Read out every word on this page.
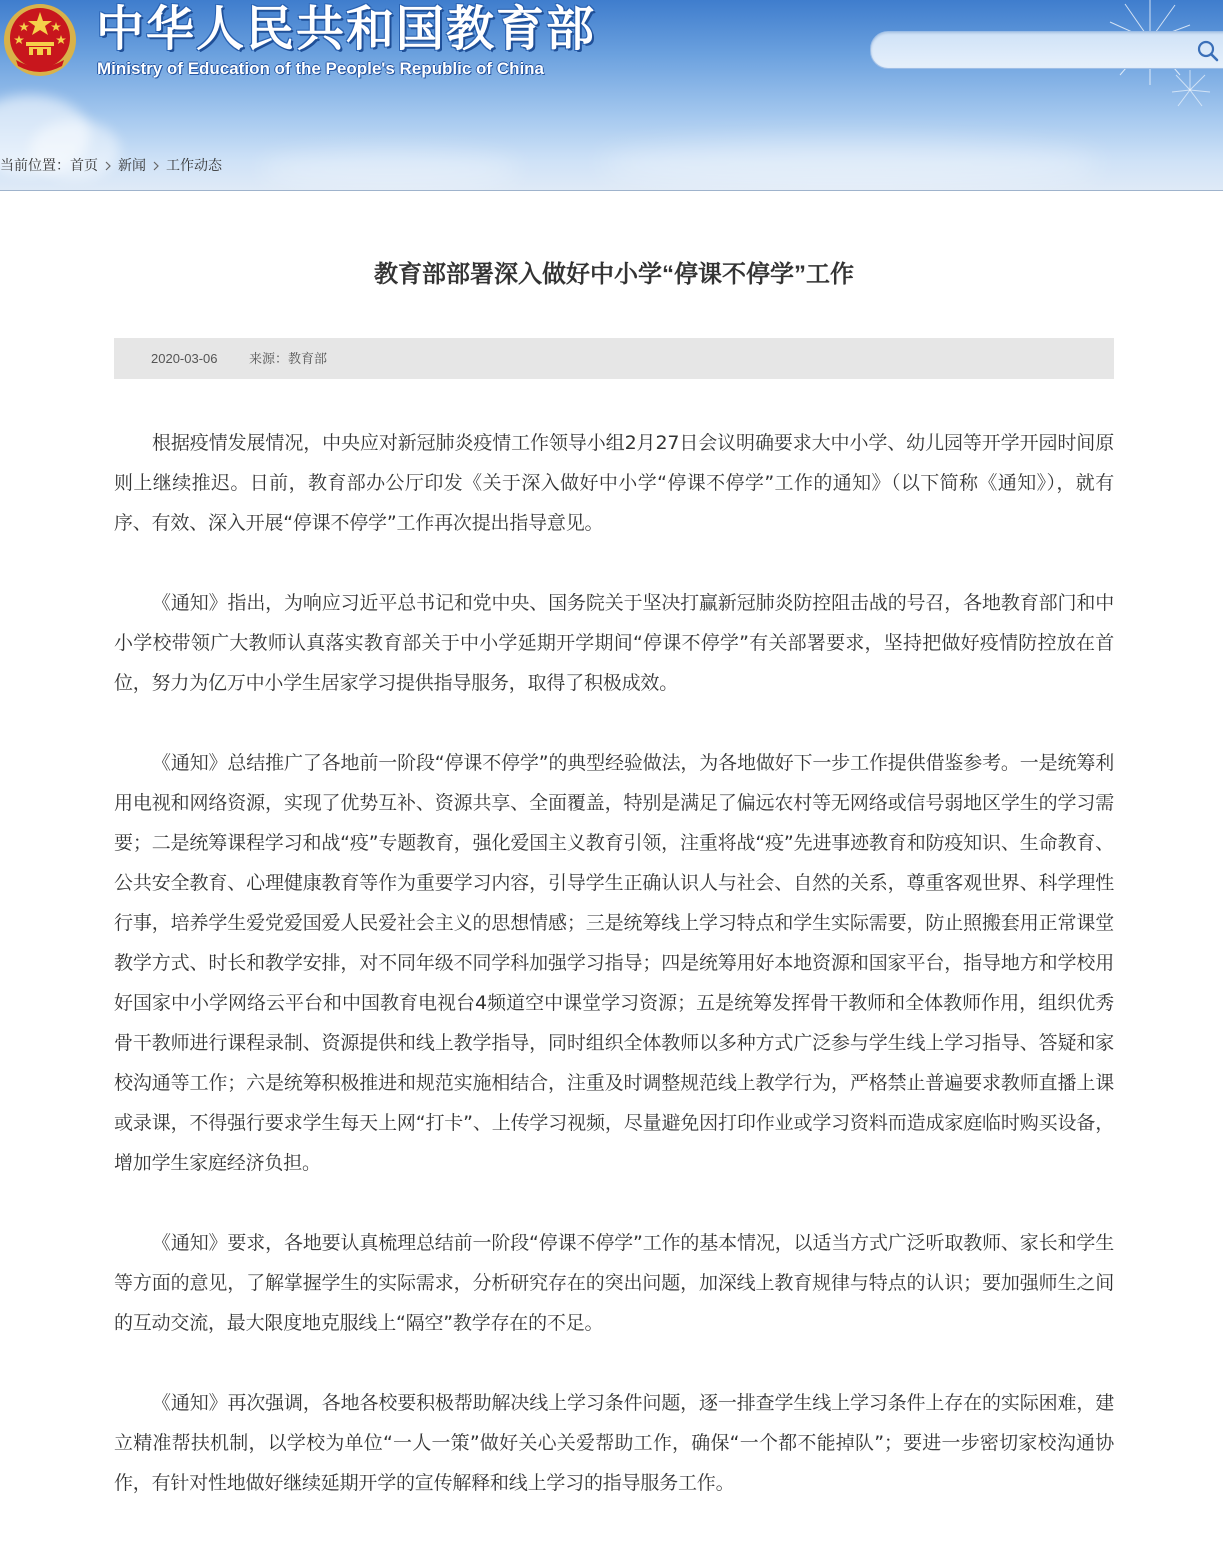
中华人民共和国教育部
Ministry of Education of the People's Republic of China
当前位置：首页 新闻 工作动态
教育部部署深入做好中小学“停课不停学”工作
2020-03-06 来源：教育部

根据疫情发展情况，中央应对新冠肺炎疫情工作领导小组2月27日会议明确要求大中小学、幼儿园等开学开园时间原则上继续推迟。日前，教育部办公厅印发《关于深入做好中小学“停课不停学”工作的通知》（以下简称《通知》），就有序、有效、深入开展“停课不停学”工作再次提出指导意见。

《通知》指出，为响应习近平总书记和党中央、国务院关于坚决打赢新冠肺炎防控阻击战的号召，各地教育部门和中小学校带领广大教师认真落实教育部关于中小学延期开学期间“停课不停学”有关部署要求，坚持把做好疫情防控放在首位，努力为亿万中小学生居家学习提供指导服务，取得了积极成效。

《通知》总结推广了各地前一阶段“停课不停学”的典型经验做法，为各地做好下一步工作提供借鉴参考。一是统筹利用电视和网络资源，实现了优势互补、资源共享、全面覆盖，特别是满足了偏远农村等无网络或信号弱地区学生的学习需要；二是统筹课程学习和战“疫”专题教育，强化爱国主义教育引领，注重将战“疫”先进事迹教育和防疫知识、生命教育、公共安全教育、心理健康教育等作为重要学习内容，引导学生正确认识人与社会、自然的关系，尊重客观世界、科学理性行事，培养学生爱党爱国爱人民爱社会主义的思想情感；三是统筹线上学习特点和学生实际需要，防止照搬套用正常课堂教学方式、时长和教学安排，对不同年级不同学科加强学习指导；四是统筹用好本地资源和国家平台，指导地方和学校用好国家中小学网络云平台和中国教育电视台4频道空中课堂学习资源；五是统筹发挥骨干教师和全体教师作用，组织优秀骨干教师进行课程录制、资源提供和线上教学指导，同时组织全体教师以多种方式广泛参与学生线上学习指导、答疑和家校沟通等工作；六是统筹积极推进和规范实施相结合，注重及时调整规范线上教学行为，严格禁止普遍要求教师直播上课或录课，不得强行要求学生每天上网“打卡”、上传学习视频，尽量避免因打印作业或学习资料而造成家庭临时购买设备，增加学生家庭经济负担。

《通知》要求，各地要认真梳理总结前一阶段“停课不停学”工作的基本情况，以适当方式广泛听取教师、家长和学生等方面的意见，了解掌握学生的实际需求，分析研究存在的突出问题，加深线上教育规律与特点的认识；要加强师生之间的互动交流，最大限度地克服线上“隔空”教学存在的不足。

《通知》再次强调，各地各校要积极帮助解决线上学习条件问题，逐一排查学生线上学习条件上存在的实际困难，建立精准帮扶机制，以学校为单位“一人一策”做好关心关爱帮助工作，确保“一个都不能掉队”；要进一步密切家校沟通协作，有针对性地做好继续延期开学的宣传解释和线上学习的指导服务工作。
